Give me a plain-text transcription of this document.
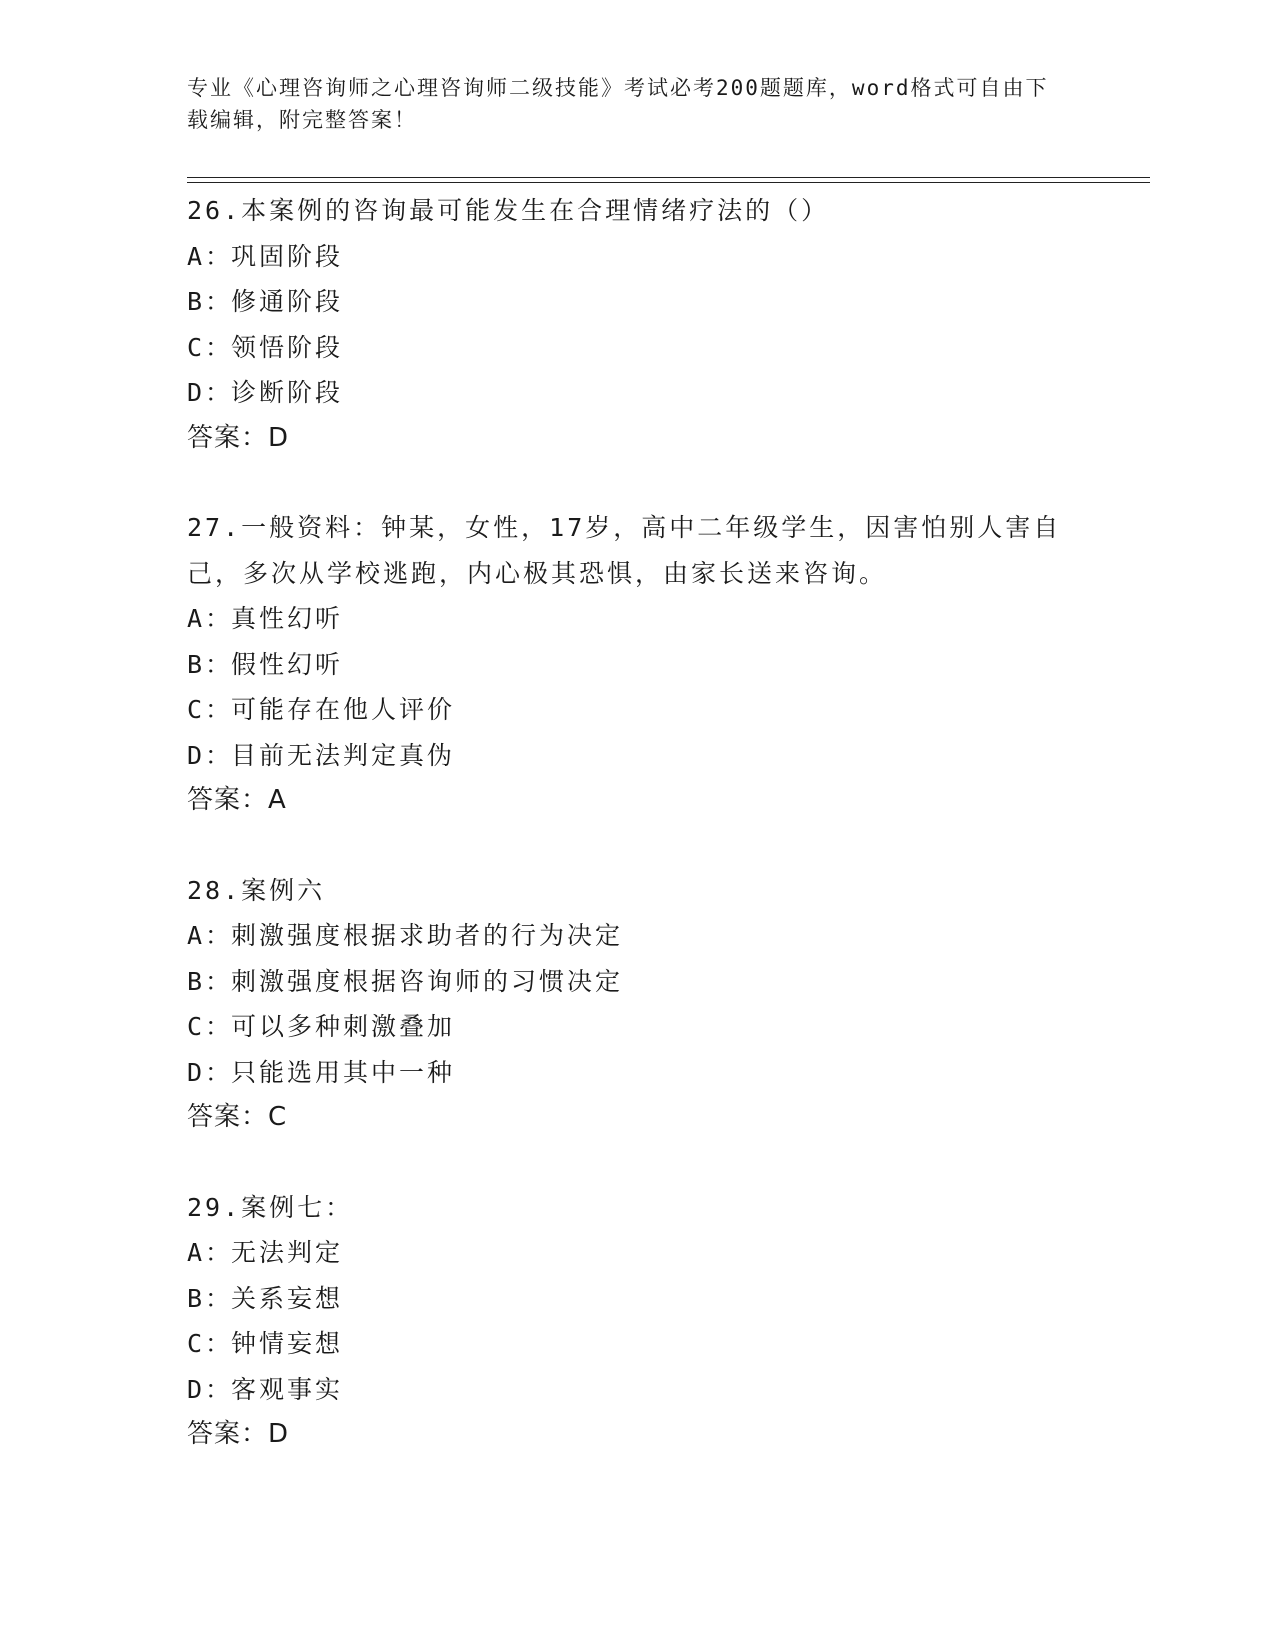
专业《心理咨询师之心理咨询师二级技能》考试必考200题题库，word格式可自由下载编辑，附完整答案！
26.本案例的咨询最可能发生在合理情绪疗法的（）
A：巩固阶段
B：修通阶段
C：领悟阶段
D：诊断阶段
答案：D
27.一般资料：钟某，女性，17岁，高中二年级学生，因害怕别人害自己，多次从学校逃跑，内心极其恐惧，由家长送来咨询。
A：真性幻听
B：假性幻听
C：可能存在他人评价
D：目前无法判定真伪
答案：A
28.案例六
A：刺激强度根据求助者的行为决定
B：刺激强度根据咨询师的习惯决定
C：可以多种刺激叠加
D：只能选用其中一种
答案：C
29.案例七：
A：无法判定
B：关系妄想
C：钟情妄想
D：客观事实
答案：D
